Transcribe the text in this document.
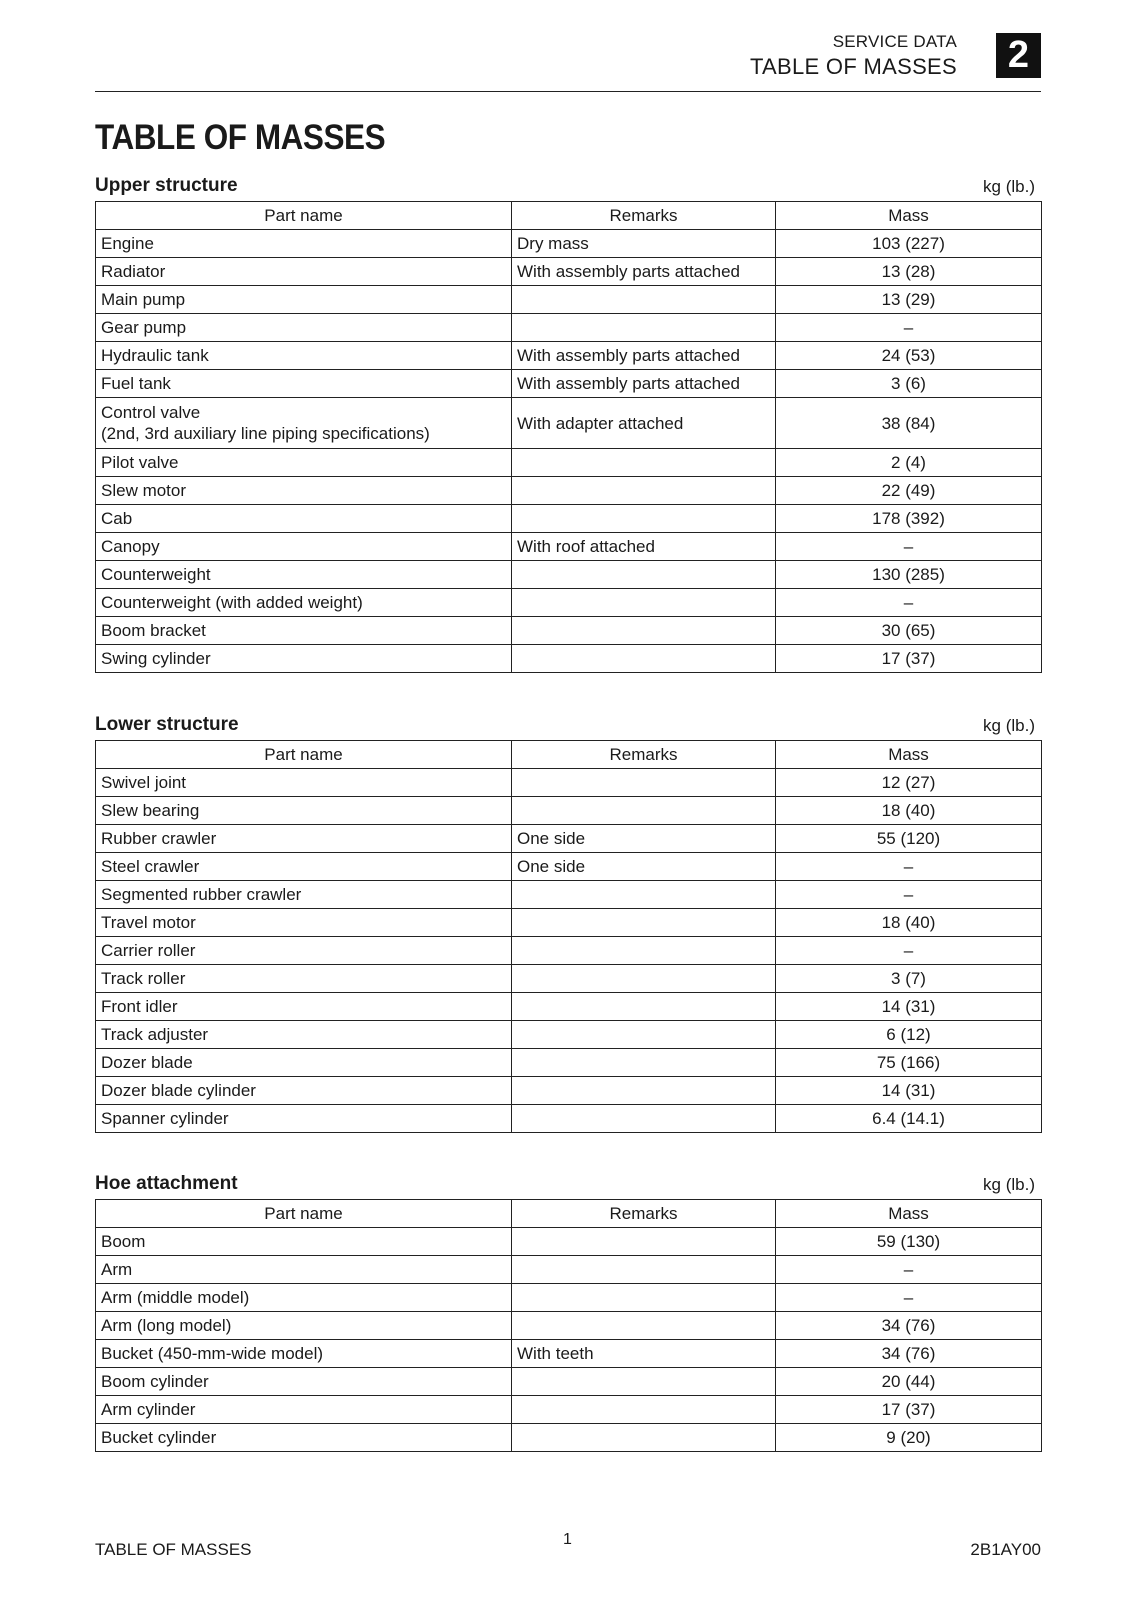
SERVICE DATA
TABLE OF MASSES	2
TABLE OF MASSES
Upper structure	kg (lb.)
Part name	Remarks	Mass

Engine	Dry mass	103 (227)

Radiator	With assembly parts attached	13 (28)

Main pump		13 (29)

Gear pump		–

Hydraulic tank	With assembly parts attached	24 (53)

Fuel tank	With assembly parts attached	3 (6)

Control valve
(2nd, 3rd auxiliary line piping specifications)	With adapter attached	38 (84)

Pilot valve		2 (4)

Slew motor		22 (49)

Cab		178 (392)

Canopy	With roof attached	–

Counterweight		130 (285)

Counterweight (with added weight)		–

Boom bracket		30 (65)

Swing cylinder		17 (37)
Lower structure	kg (lb.)
Part name	Remarks	Mass

Swivel joint		12 (27)

Slew bearing		18 (40)

Rubber crawler	One side	55 (120)

Steel crawler	One side	–

Segmented rubber crawler		–

Travel motor		18 (40)

Carrier roller		–

Track roller		3 (7)

Front idler		14 (31)

Track adjuster		6 (12)

Dozer blade		75 (166)

Dozer blade cylinder		14 (31)

Spanner cylinder		6.4 (14.1)
Hoe attachment	kg (lb.)
Part name	Remarks	Mass

Boom		59 (130)

Arm		–

Arm (middle model)		–

Arm (long model)		34 (76)

Bucket (450-mm-wide model)	With teeth	34 (76)

Boom cylinder		20 (44)

Arm cylinder		17 (37)

Bucket cylinder		9 (20)
TABLE OF MASSES
1
2B1AY00
